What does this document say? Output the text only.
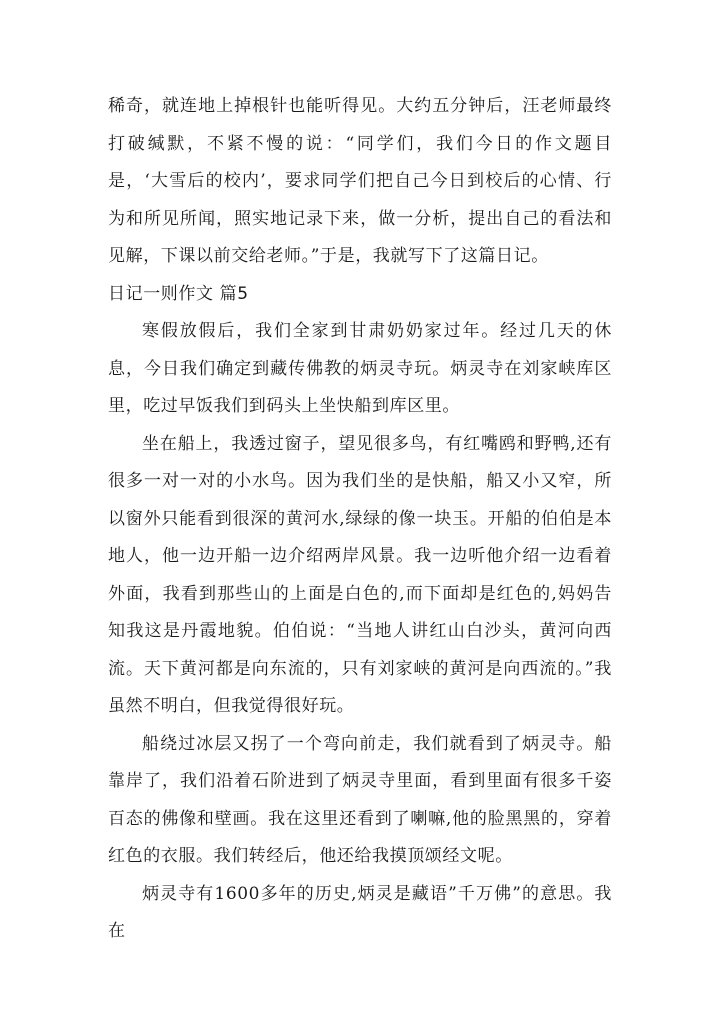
稀奇，就连地上掉根针也能听得见。大约五分钟后，汪老师最终打破缄默，不紧不慢的说：“同学们，我们今日的作文题目是，‘大雪后的校内’，要求同学们把自己今日到校后的心情、行为和所见所闻，照实地记录下来，做一分析，提出自己的看法和见解，下课以前交给老师。”于是，我就写下了这篇日记。

日记一则作文 篇5

寒假放假后，我们全家到甘肃奶奶家过年。经过几天的休息，今日我们确定到藏传佛教的炳灵寺玩。炳灵寺在刘家峡库区里，吃过早饭我们到码头上坐快船到库区里。

坐在船上，我透过窗子，望见很多鸟，有红嘴鸥和野鸭,还有很多一对一对的小水鸟。因为我们坐的是快船，船又小又窄，所以窗外只能看到很深的黄河水,绿绿的像一块玉。开船的伯伯是本地人，他一边开船一边介绍两岸风景。我一边听他介绍一边看着外面，我看到那些山的上面是白色的,而下面却是红色的,妈妈告知我这是丹霞地貌。伯伯说：“当地人讲红山白沙头，黄河向西流。天下黄河都是向东流的，只有刘家峡的黄河是向西流的。”我虽然不明白，但我觉得很好玩。

船绕过冰层又拐了一个弯向前走，我们就看到了炳灵寺。船靠岸了，我们沿着石阶进到了炳灵寺里面，看到里面有很多千姿百态的佛像和壁画。我在这里还看到了喇嘛,他的脸黑黑的，穿着红色的衣服。我们转经后，他还给我摸顶颂经文呢。

炳灵寺有1600多年的历史,炳灵是藏语”千万佛”的意思。我在
